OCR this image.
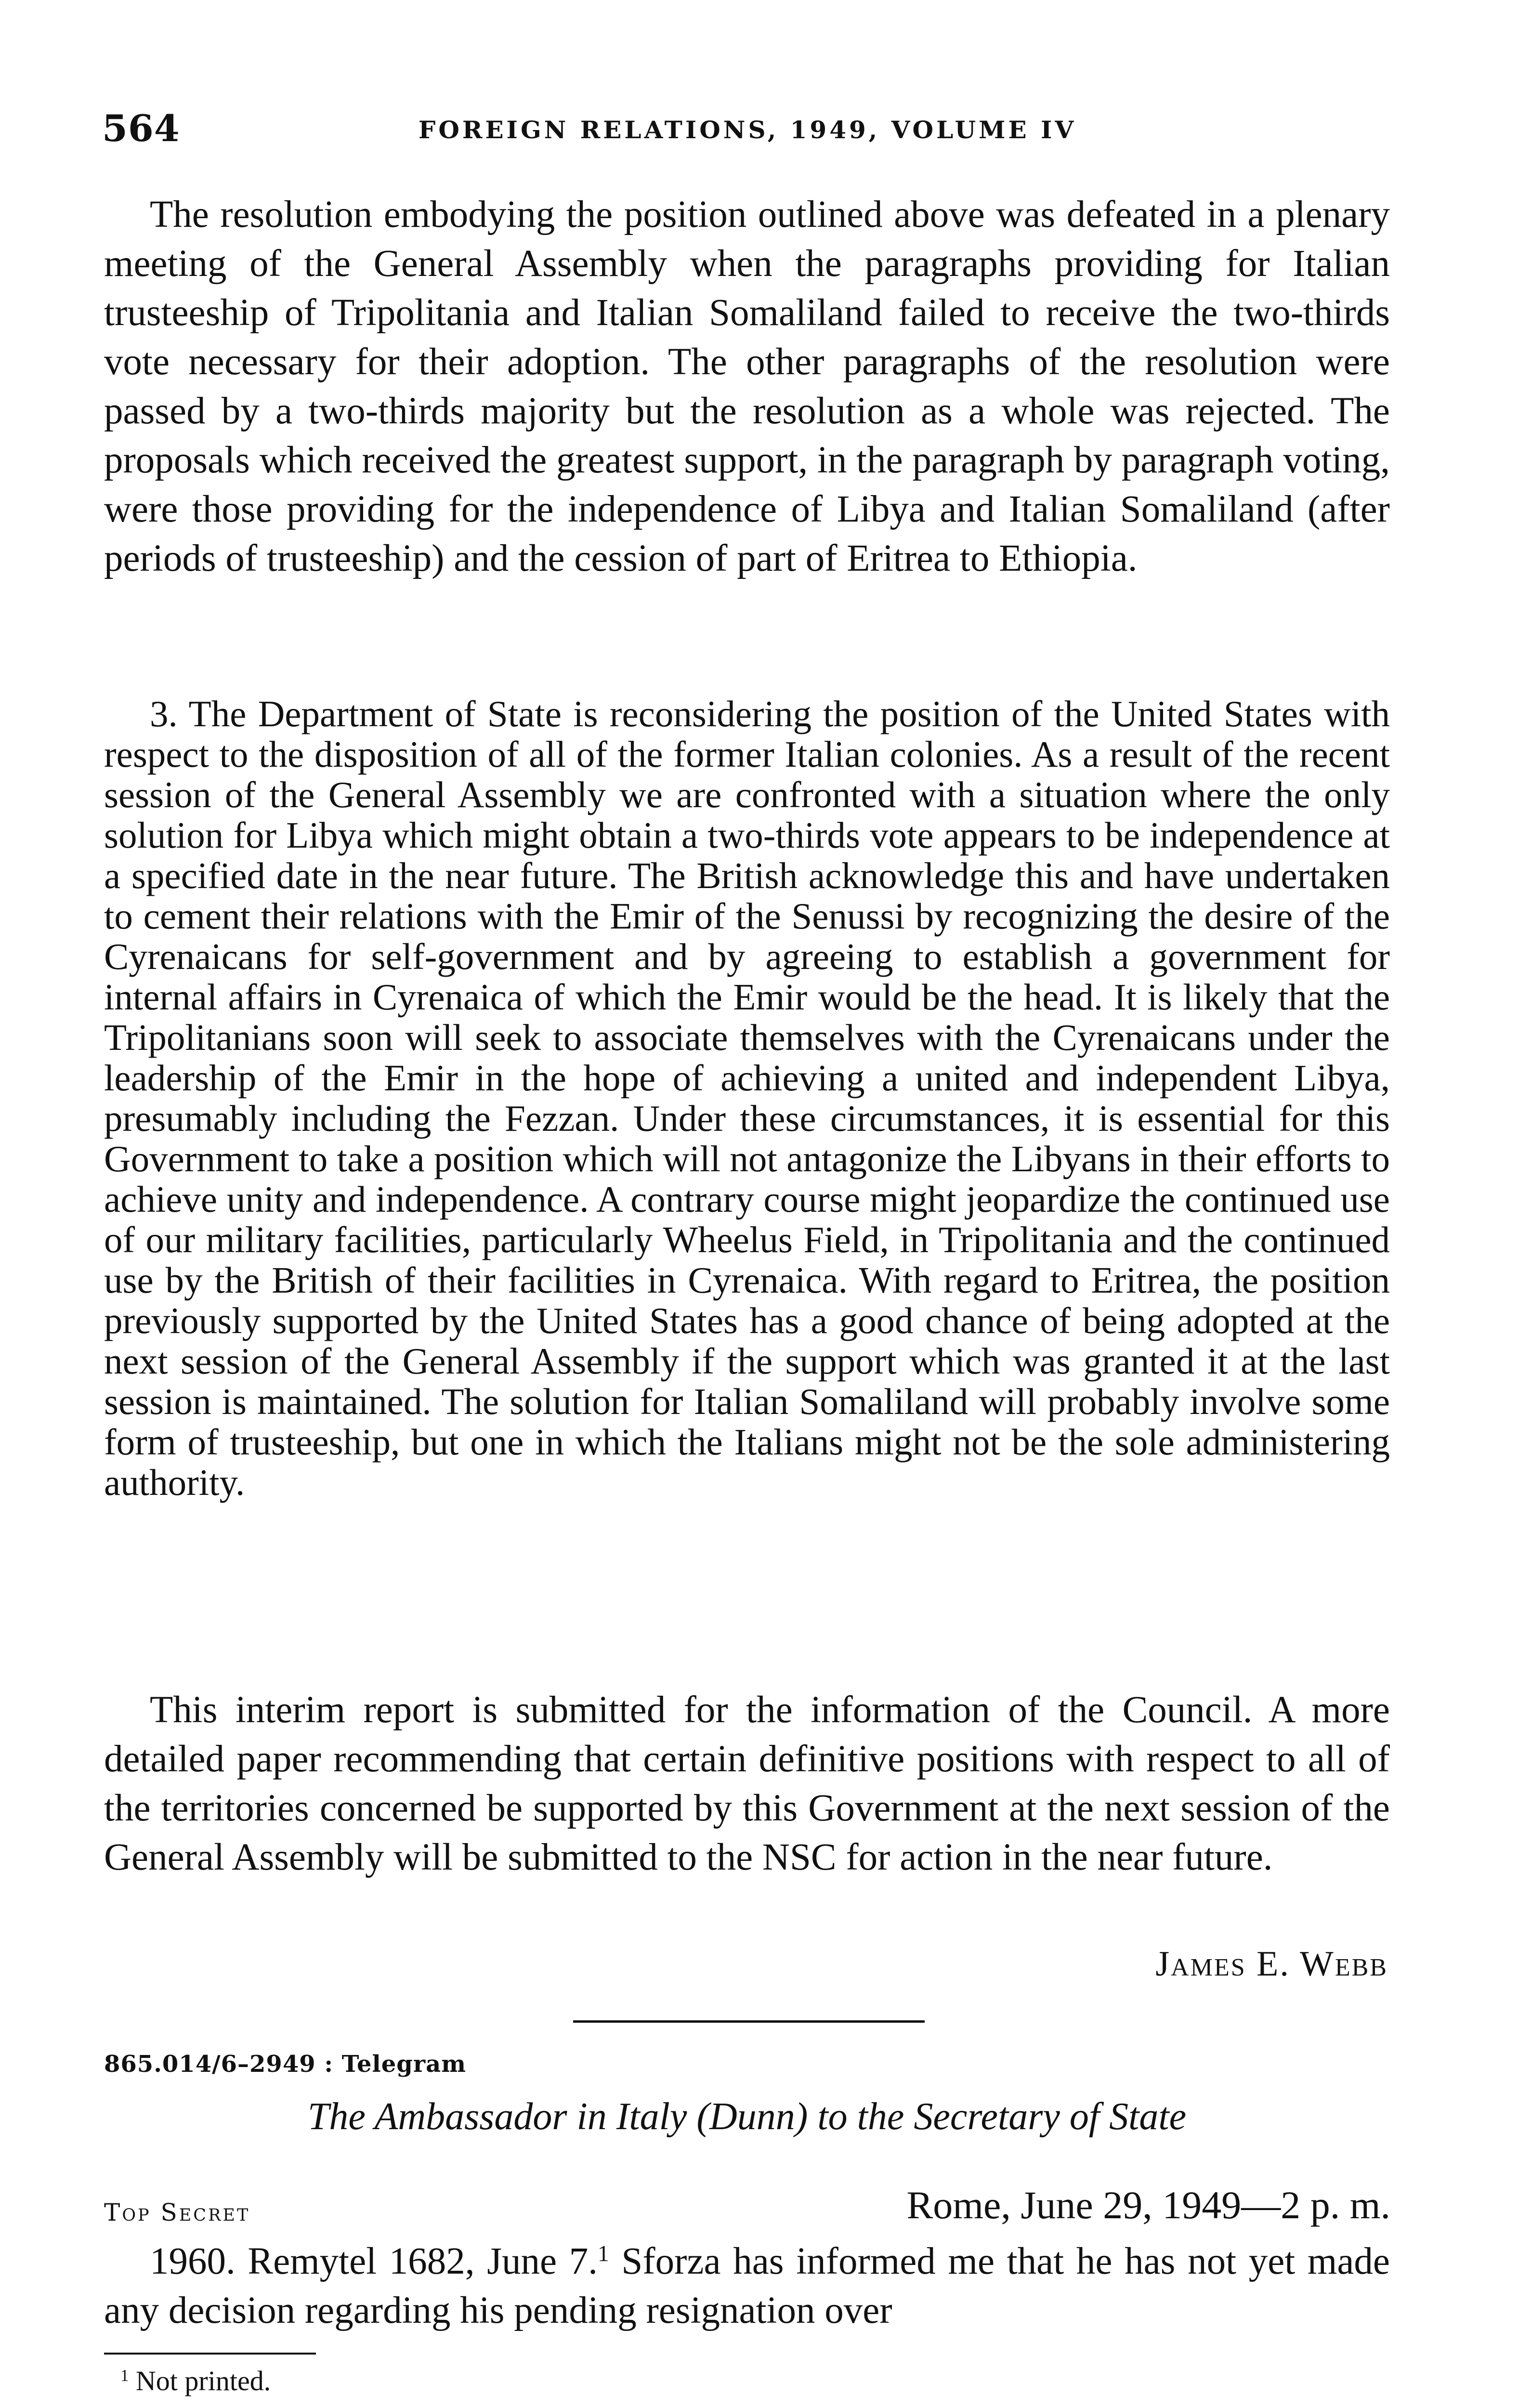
564	FOREIGN RELATIONS, 1949, VOLUME IV

The resolution embodying the position outlined above was defeated in a plenary meeting of the General Assembly when the paragraphs providing for Italian trusteeship of Tripolitania and Italian Somaliland failed to receive the two-thirds vote necessary for their adoption. The other paragraphs of the resolution were passed by a two-thirds majority but the resolution as a whole was rejected. The proposals which received the greatest support, in the paragraph by paragraph voting, were those providing for the independence of Libya and Italian Somaliland (after periods of trusteeship) and the cession of part of Eritrea to Ethiopia.

3. The Department of State is reconsidering the position of the United States with respect to the disposition of all of the former Italian colonies. As a result of the recent session of the General Assembly we are confronted with a situation where the only solution for Libya which might obtain a two-thirds vote appears to be independence at a specified date in the near future. The British acknowledge this and have undertaken to cement their relations with the Emir of the Senussi by recognizing the desire of the Cyrenaicans for self-government and by agreeing to establish a government for internal affairs in Cyrenaica of which the Emir would be the head. It is likely that the Tripolitanians soon will seek to associate themselves with the Cyrenaicans under the leadership of the Emir in the hope of achieving a united and independent Libya, presumably including the Fezzan. Under these circumstances, it is essential for this Government to take a position which will not antagonize the Libyans in their efforts to achieve unity and independence. A contrary course might jeopardize the continued use of our military facilities, particularly Wheelus Field, in Tripolitania and the continued use by the British of their facilities in Cyrenaica. With regard to Eritrea, the position previously supported by the United States has a good chance of being adopted at the next session of the General Assembly if the support which was granted it at the last session is maintained. The solution for Italian Somaliland will probably involve some form of trusteeship, but one in which the Italians might not be the sole administering authority.

This interim report is submitted for the information of the Council. A more detailed paper recommending that certain definitive positions with respect to all of the territories concerned be supported by this Government at the next session of the General Assembly will be submitted to the NSC for action in the near future.

James E. Webb
865.014/6–2949 : Telegram
The Ambassador in Italy (Dunn) to the Secretary of State
Top Secret	Rome, June 29, 1949—2 p. m.

1960. Remytel 1682, June 7.$^1$ Sforza has informed me that he has not yet made any decision regarding his pending resignation over

$^1$ Not printed.
